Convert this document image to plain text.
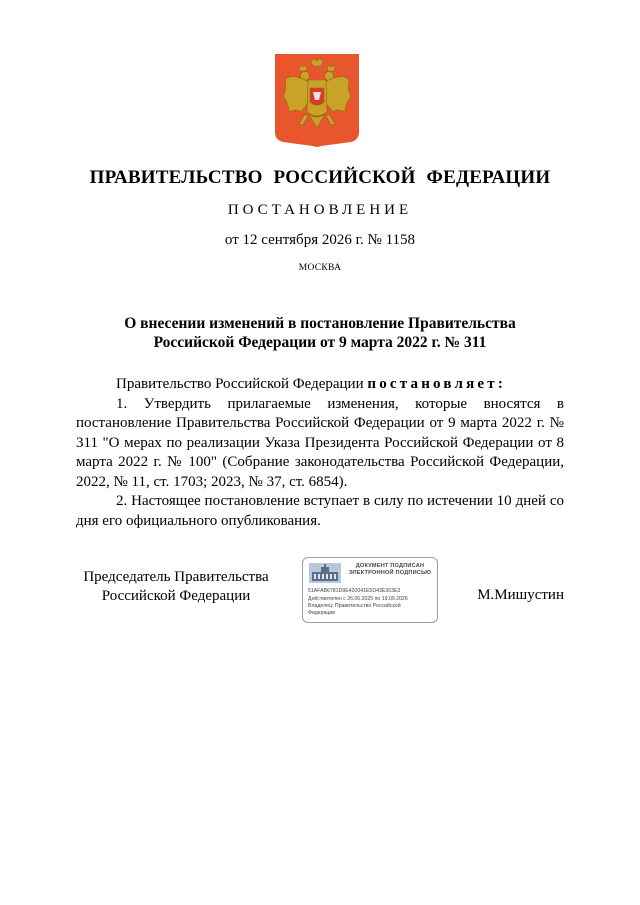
ПРАВИТЕЛЬСТВО РОССИЙСКОЙ ФЕДЕРАЦИИ
ПОСТАНОВЛЕНИЕ
от 12 сентября 2026 г. № 1158
МОСКВА
О внесении изменений в постановление Правительства
Российской Федерации от 9 марта 2022 г. № 311

Правительство Российской Федерации постановляет:

1. Утвердить прилагаемые изменения, которые вносятся в постановление Правительства Российской Федерации от 9 марта 2022 г. № 311 "О мерах по реализации Указа Президента Российской Федерации от 8 марта 2022 г. № 100" (Собрание законодательства Российской Федерации, 2022, № 11, ст. 1703; 2023, № 37, ст. 6854).

2. Настоящее постановление вступает в силу по истечении 10 дней со дня его официального опубликования.

Председатель Правительства
Российской Федерации
ДОКУМЕНТ ПОДПИСАН
ЭЛЕКТРОННОЙ ПОДПИСЬЮ
51AFAB6781D9E420041E5D43E303E3
Действителен с 26.06.2025 по 19.09.2026
Владелец: Правительство Российской
Федерации
М.Мишустин
